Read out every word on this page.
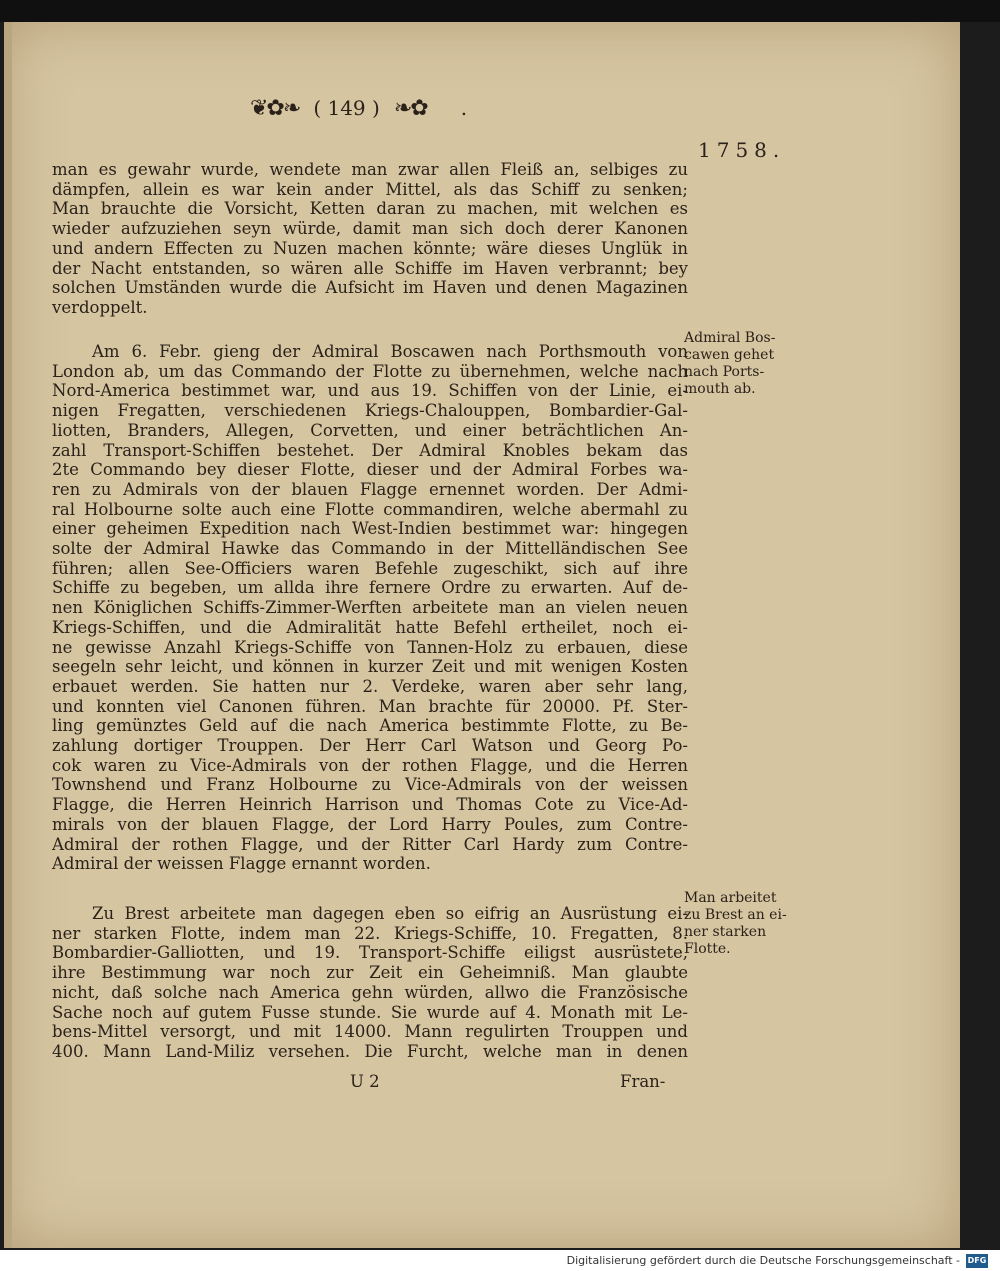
❦✿❧ ( 149 ) ❧✿ .
1758.
man es gewahr wurde, wendete man zwar allen Fleiß an, selbiges zu
dämpfen, allein es war kein ander Mittel, als das Schiff zu senken;
Man brauchte die Vorsicht, Ketten daran zu machen, mit welchen es
wieder aufzuziehen seyn würde, damit man sich doch derer Kanonen
und andern Effecten zu Nuzen machen könnte; wäre dieses Unglük in
der Nacht entstanden, so wären alle Schiffe im Haven verbrannt; bey
solchen Umständen wurde die Aufsicht im Haven und denen Magazinen
verdoppelt.
Am 6. Febr. gieng der Admiral Boscawen nach Porthsmouth von
London ab, um das Commando der Flotte zu übernehmen, welche nach
Nord-America bestimmet war, und aus 19. Schiffen von der Linie, ei-
nigen Fregatten, verschiedenen Kriegs-Chalouppen, Bombardier-Gal-
liotten, Branders, Allegen, Corvetten, und einer beträchtlichen An-
zahl Transport-Schiffen bestehet. Der Admiral Knobles bekam das
2te Commando bey dieser Flotte, dieser und der Admiral Forbes wa-
ren zu Admirals von der blauen Flagge ernennet worden. Der Admi-
ral Holbourne solte auch eine Flotte commandiren, welche abermahl zu
einer geheimen Expedition nach West-Indien bestimmet war: hingegen
solte der Admiral Hawke das Commando in der Mittelländischen See
führen; allen See-Officiers waren Befehle zugeschikt, sich auf ihre
Schiffe zu begeben, um allda ihre fernere Ordre zu erwarten. Auf de-
nen Königlichen Schiffs-Zimmer-Werften arbeitete man an vielen neuen
Kriegs-Schiffen, und die Admiralität hatte Befehl ertheilet, noch ei-
ne gewisse Anzahl Kriegs-Schiffe von Tannen-Holz zu erbauen, diese
seegeln sehr leicht, und können in kurzer Zeit und mit wenigen Kosten
erbauet werden. Sie hatten nur 2. Verdeke, waren aber sehr lang,
und konnten viel Canonen führen. Man brachte für 20000. Pf. Ster-
ling gemünztes Geld auf die nach America bestimmte Flotte, zu Be-
zahlung dortiger Trouppen. Der Herr Carl Watson und Georg Po-
cok waren zu Vice-Admirals von der rothen Flagge, und die Herren
Townshend und Franz Holbourne zu Vice-Admirals von der weissen
Flagge, die Herren Heinrich Harrison und Thomas Cote zu Vice-Ad-
mirals von der blauen Flagge, der Lord Harry Poules, zum Contre-
Admiral der rothen Flagge, und der Ritter Carl Hardy zum Contre-
Admiral der weissen Flagge ernannt worden.
Zu Brest arbeitete man dagegen eben so eifrig an Ausrüstung ei-
ner starken Flotte, indem man 22. Kriegs-Schiffe, 10. Fregatten, 8.
Bombardier-Galliotten, und 19. Transport-Schiffe eiligst ausrüstete,
ihre Bestimmung war noch zur Zeit ein Geheimniß. Man glaubte
nicht, daß solche nach America gehn würden, allwo die Französische
Sache noch auf gutem Fusse stunde. Sie wurde auf 4. Monath mit Le-
bens-Mittel versorgt, und mit 14000. Mann regulirten Trouppen und
400. Mann Land-Miliz versehen. Die Furcht, welche man in denen
Admiral Bos-
cawen gehet
nach Ports-
mouth ab.
Man arbeitet
zu Brest an ei-
ner starken
Flotte.
U 2	Fran-
Digitalisierung gefördert durch die Deutsche Forschungsgemeinschaft - DFG
